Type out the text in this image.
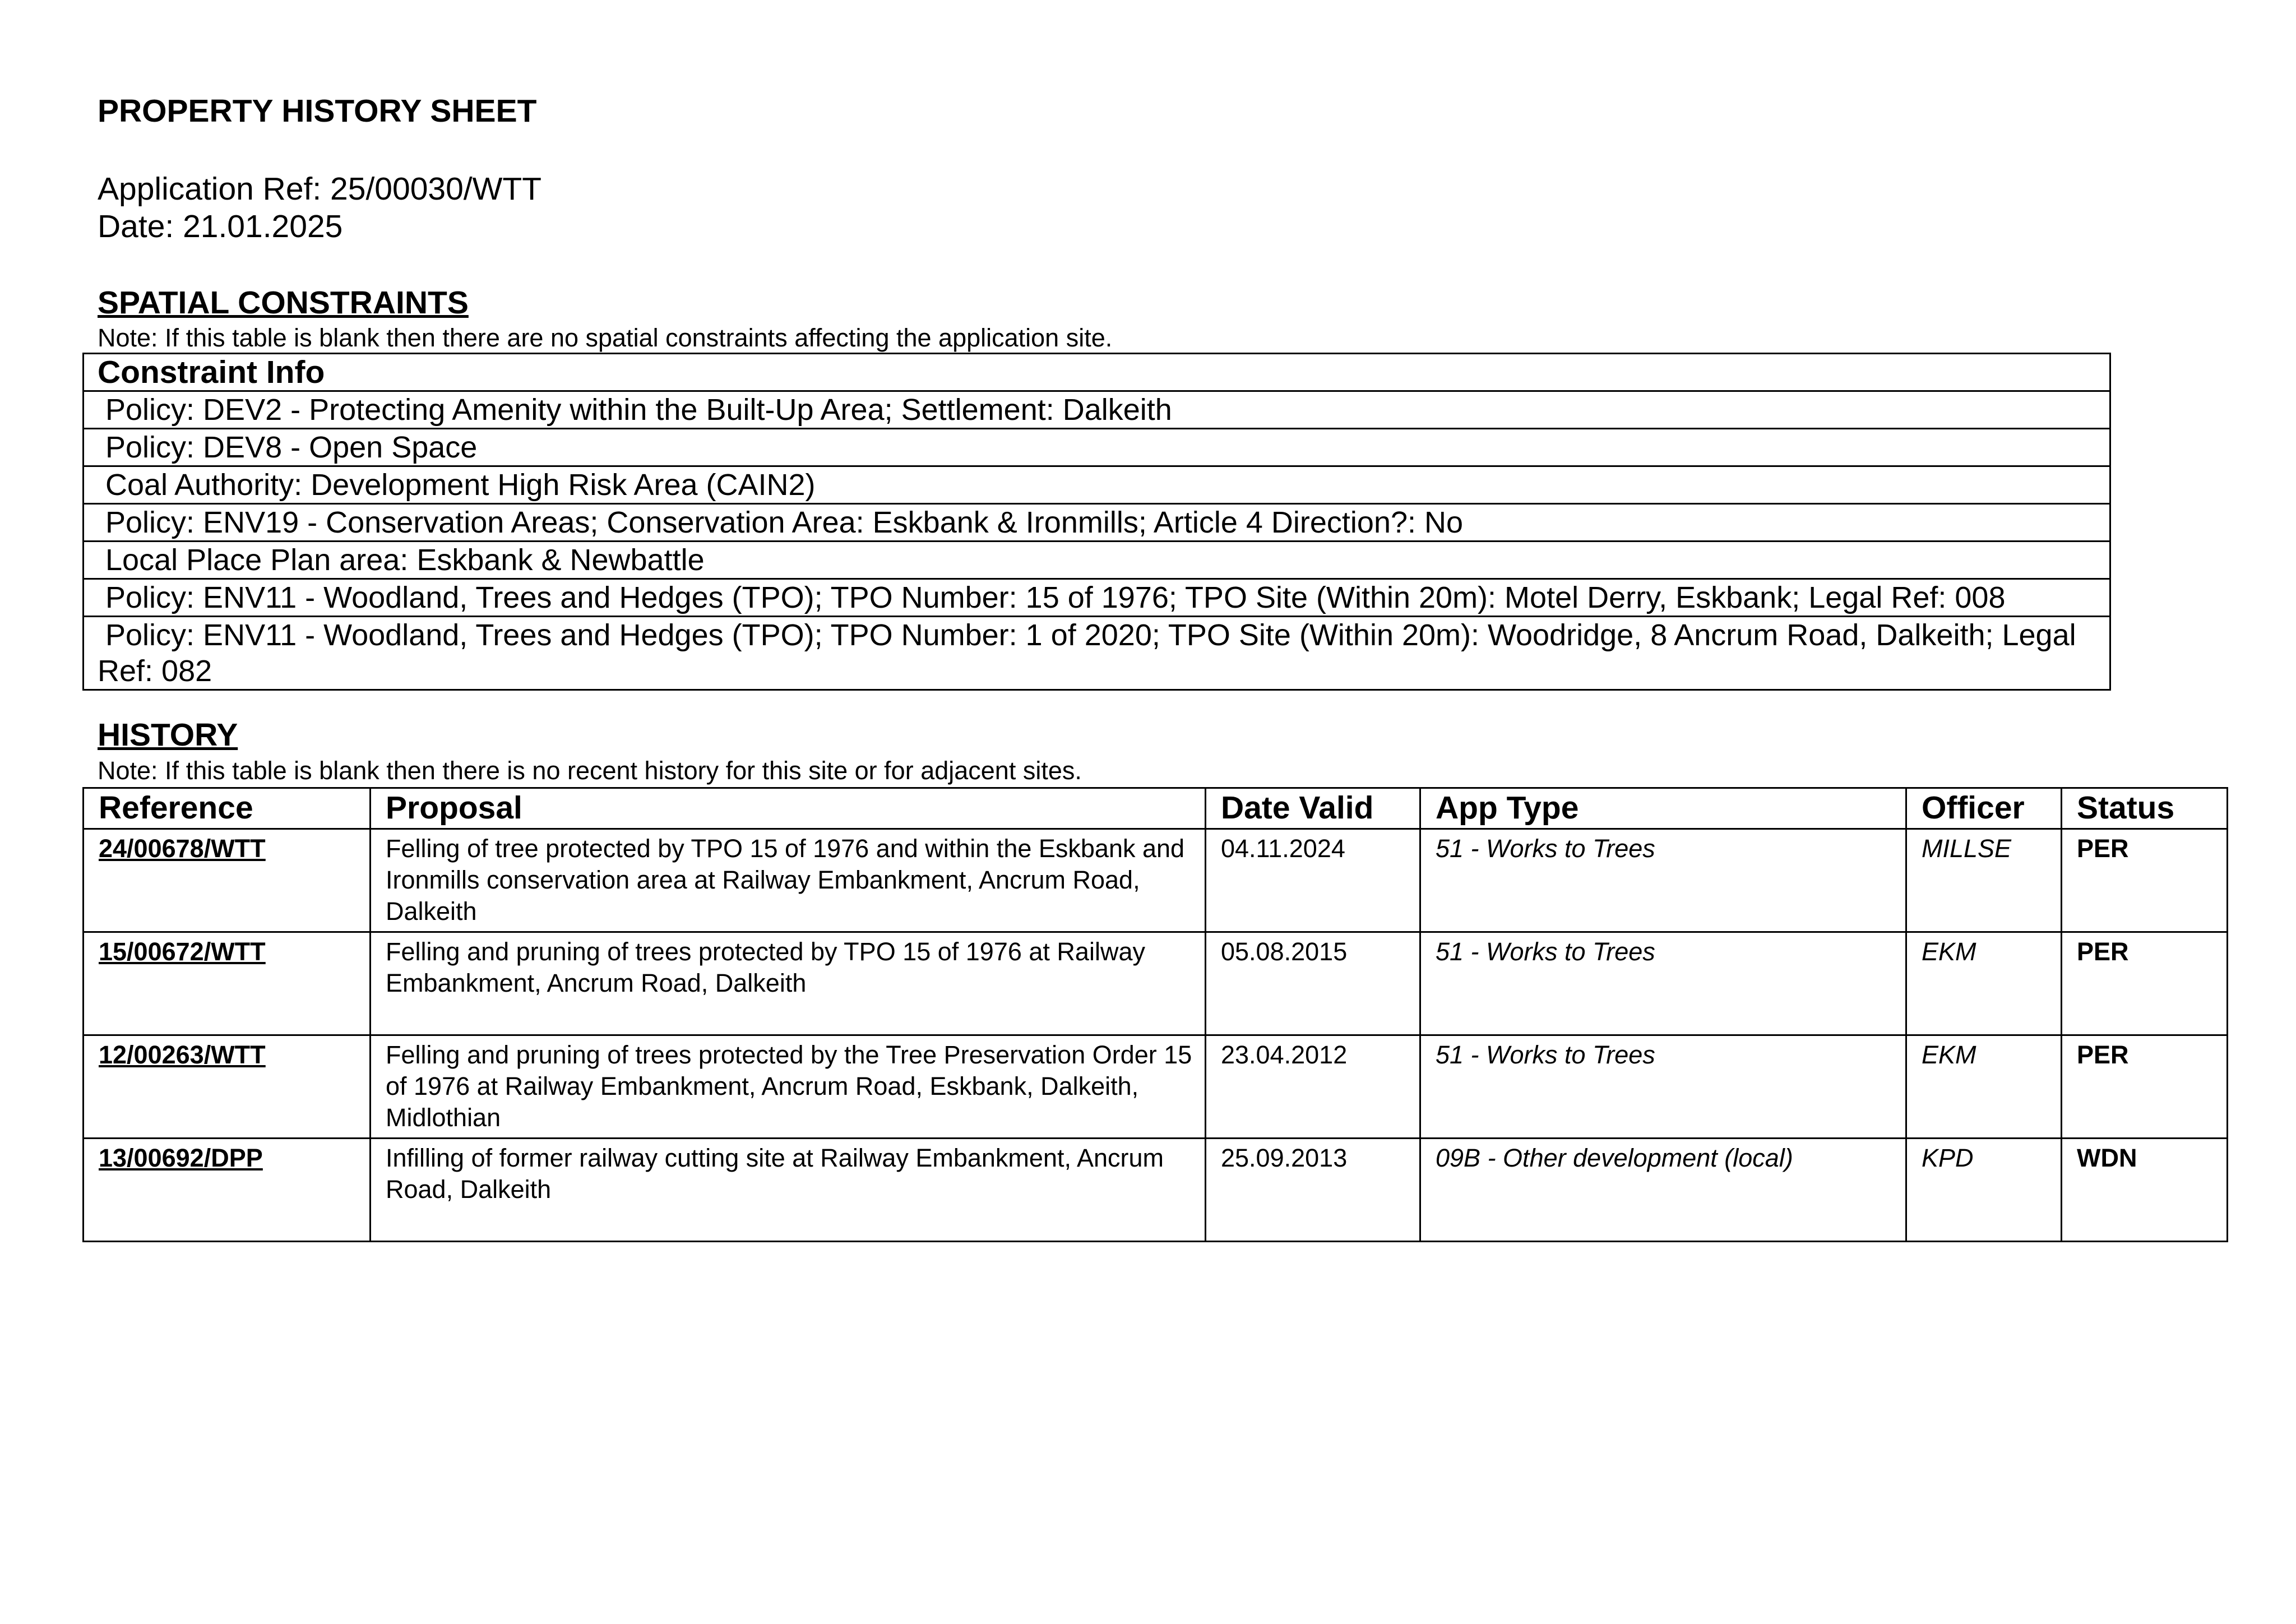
PROPERTY HISTORY SHEET

Application Ref: 25/00030/WTT

Date: 21.01.2025

SPATIAL CONSTRAINTS

Note: If this table is blank then there are no spatial constraints affecting the application site.

Constraint Info
Policy: DEV2 - Protecting Amenity within the Built-Up Area; Settlement: Dalkeith
Policy: DEV8 - Open Space
Coal Authority: Development High Risk Area (CAIN2)
Policy: ENV19 - Conservation Areas; Conservation Area: Eskbank & Ironmills; Article 4 Direction?: No
Local Place Plan area: Eskbank & Newbattle
Policy: ENV11 - Woodland, Trees and Hedges (TPO); TPO Number: 15 of 1976; TPO Site (Within 20m): Motel Derry, Eskbank; Legal Ref: 008
Policy: ENV11 - Woodland, Trees and Hedges (TPO); TPO Number: 1 of 2020; TPO Site (Within 20m): Woodridge, 8 Ancrum Road, Dalkeith; Legal Ref: 082

HISTORY

Note: If this table is blank then there is no recent history for this site or for adjacent sites.

Reference	Proposal	Date Valid	App Type	Officer	Status
24/00678/WTT	Felling of tree protected by TPO 15 of 1976 and within the Eskbank and Ironmills conservation area at Railway Embankment, Ancrum Road, Dalkeith	04.11.2024	51 - Works to Trees	MILLSE	PER
15/00672/WTT	Felling and pruning of trees protected by TPO 15 of 1976 at Railway Embankment, Ancrum Road, Dalkeith	05.08.2015	51 - Works to Trees	EKM	PER
12/00263/WTT	Felling and pruning of trees protected by the Tree Preservation Order 15 of 1976 at Railway Embankment, Ancrum Road, Eskbank, Dalkeith, Midlothian	23.04.2012	51 - Works to Trees	EKM	PER
13/00692/DPP	Infilling of former railway cutting site at Railway Embankment, Ancrum Road, Dalkeith	25.09.2013	09B - Other development (local)	KPD	WDN
